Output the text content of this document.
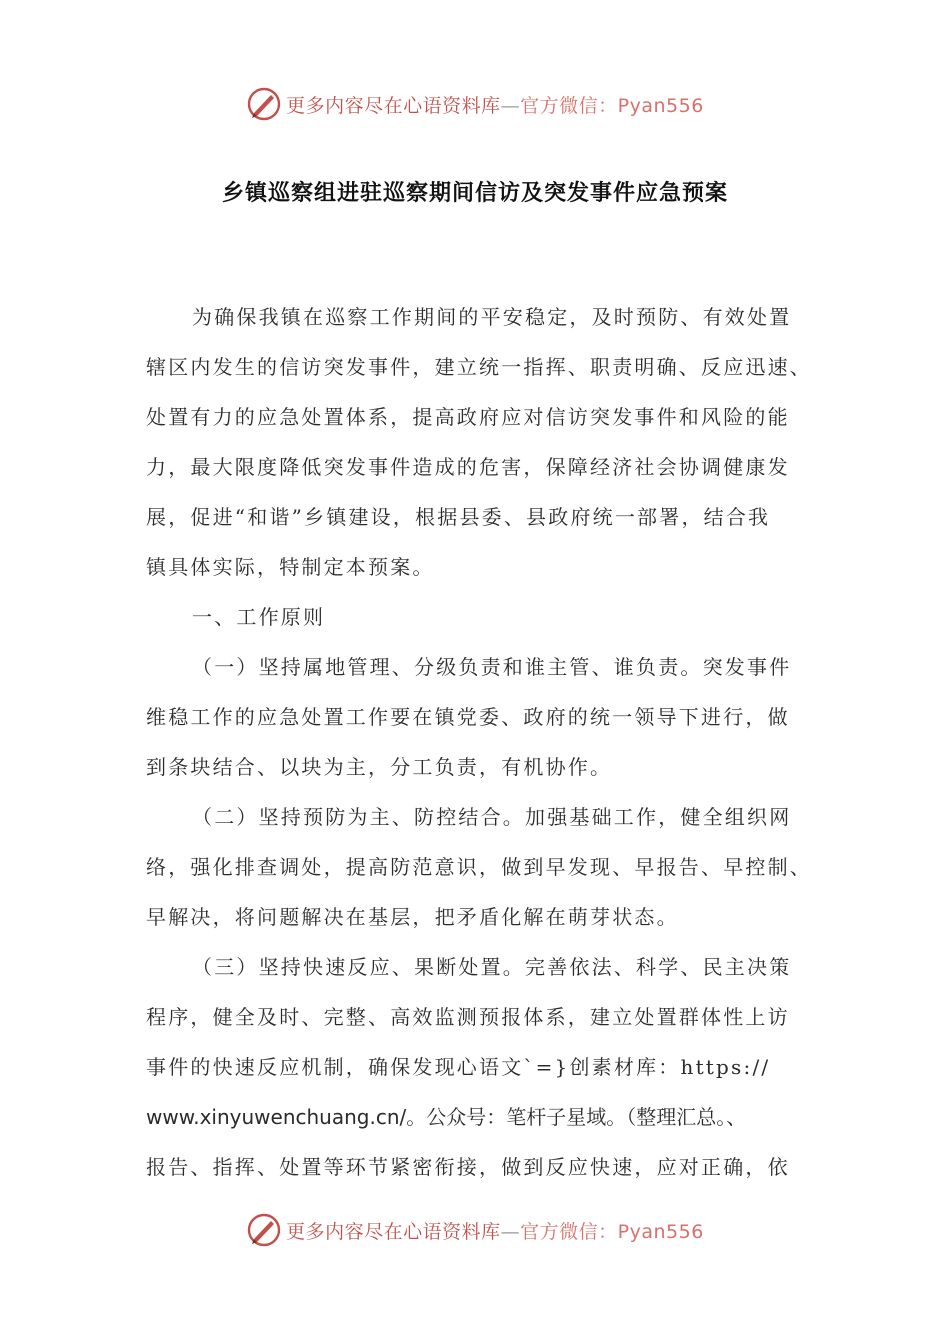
更多内容尽在心语资料库—官方微信：Pyan556
乡镇巡察组进驻巡察期间信访及突发事件应急预案
为确保我镇在巡察工作期间的平安稳定，及时预防、有效处置
辖区内发生的信访突发事件，建立统一指挥、职责明确、反应迅速、
处置有力的应急处置体系，提高政府应对信访突发事件和风险的能
力，最大限度降低突发事件造成的危害，保障经济社会协调健康发
展，促进“和谐”乡镇建设，根据县委、县政府统一部署，结合我
镇具体实际，特制定本预案。
一、工作原则
（一）坚持属地管理、分级负责和谁主管、谁负责。突发事件
维稳工作的应急处置工作要在镇党委、政府的统一领导下进行，做
到条块结合、以块为主，分工负责，有机协作。
（二）坚持预防为主、防控结合。加强基础工作，健全组织网
络，强化排查调处，提高防范意识，做到早发现、早报告、早控制、
早解决，将问题解决在基层，把矛盾化解在萌芽状态。
（三）坚持快速反应、果断处置。完善依法、科学、民主决策
程序，健全及时、完整、高效监测预报体系，建立处置群体性上访
事件的快速反应机制，确保发现心语文`=}创素材库：https://
www.xinyuwenchuang.cn/。公众号：笔杆子星域。（整理汇总。、
报告、指挥、处置等环节紧密衔接，做到反应快速，应对正确，依
更多内容尽在心语资料库—官方微信：Pyan556
